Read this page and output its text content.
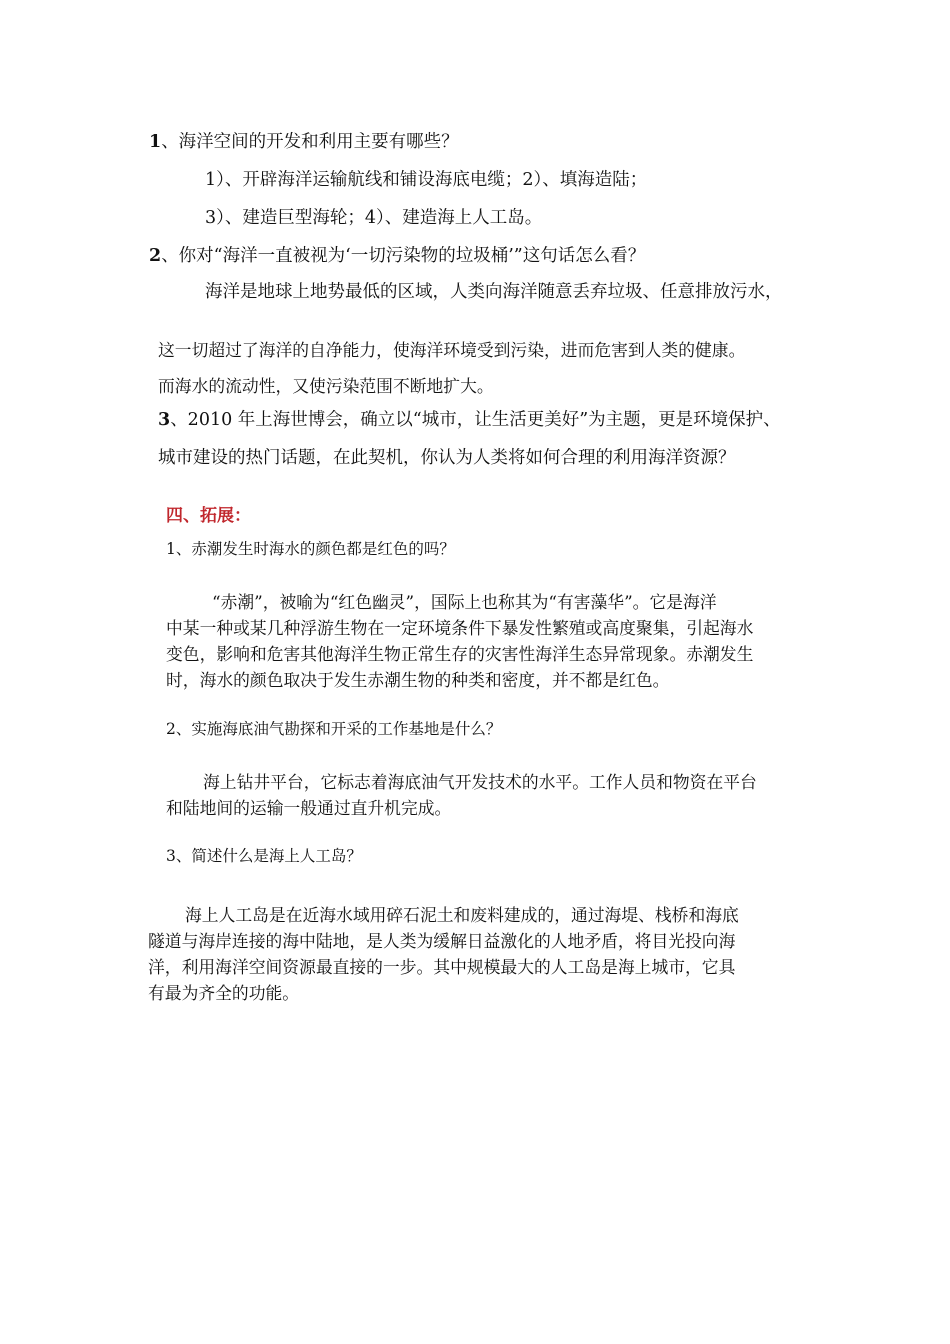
1、海洋空间的开发和利用主要有哪些？
1）、开辟海洋运输航线和铺设海底电缆；2）、填海造陆；
3）、建造巨型海轮；4）、建造海上人工岛。
2、你对“海洋一直被视为‘一切污染物的垃圾桶’”这句话怎么看？
海洋是地球上地势最低的区域，人类向海洋随意丢弃垃圾、任意排放污水，
这一切超过了海洋的自净能力，使海洋环境受到污染，进而危害到人类的健康。
而海水的流动性，又使污染范围不断地扩大。
3、2010 年上海世博会，确立以“城市，让生活更美好”为主题，更是环境保护、
城市建设的热门话题，在此契机，你认为人类将如何合理的利用海洋资源？
四、拓展：
1、赤潮发生时海水的颜色都是红色的吗？
“赤潮”，被喻为“红色幽灵”，国际上也称其为“有害藻华”。它是海洋
中某一种或某几种浮游生物在一定环境条件下暴发性繁殖或高度聚集，引起海水
变色，影响和危害其他海洋生物正常生存的灾害性海洋生态异常现象。赤潮发生
时，海水的颜色取决于发生赤潮生物的种类和密度，并不都是红色。
2、实施海底油气勘探和开采的工作基地是什么？
海上钻井平台，它标志着海底油气开发技术的水平。工作人员和物资在平台
和陆地间的运输一般通过直升机完成。
3、简述什么是海上人工岛？
海上人工岛是在近海水域用碎石泥土和废料建成的，通过海堤、栈桥和海底
隧道与海岸连接的海中陆地，是人类为缓解日益激化的人地矛盾，将目光投向海
洋，利用海洋空间资源最直接的一步。其中规模最大的人工岛是海上城市，它具
有最为齐全的功能。
